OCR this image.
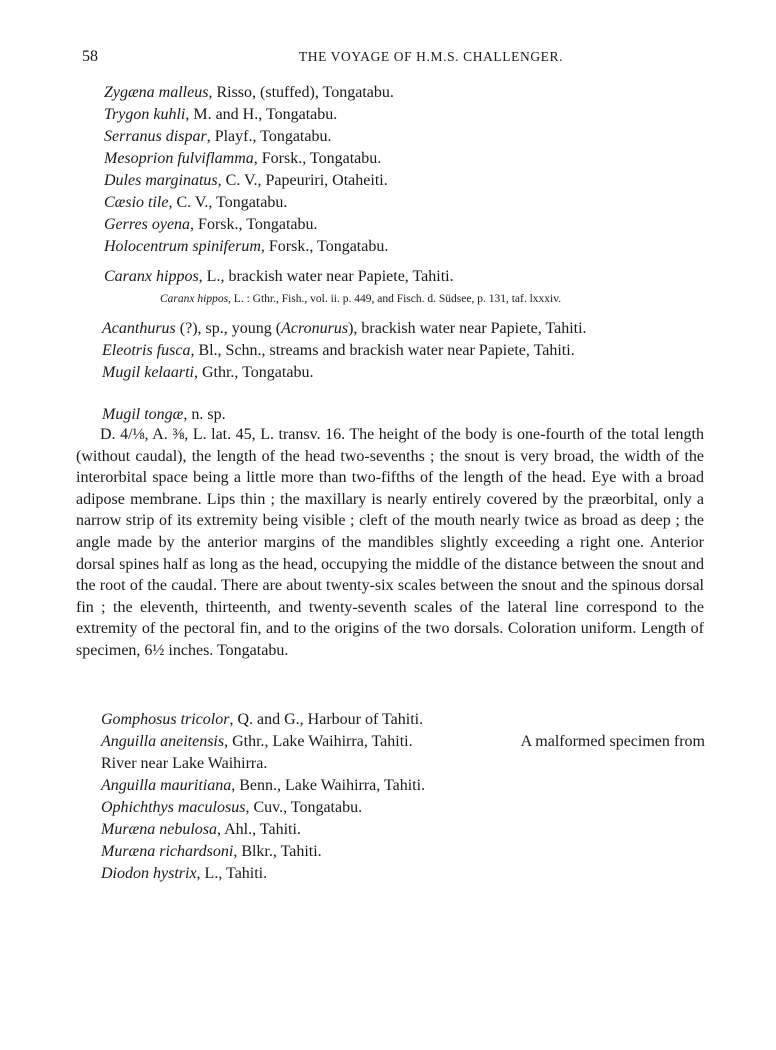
58	THE VOYAGE OF H.M.S. CHALLENGER.
Zygæna malleus, Risso, (stuffed), Tongatabu.
Trygon kuhli, M. and H., Tongatabu.
Serranus dispar, Playf., Tongatabu.
Mesoprion fulviflamma, Forsk., Tongatabu.
Dules marginatus, C. V., Papeuriri, Otaheiti.
Cæsio tile, C. V., Tongatabu.
Gerres oyena, Forsk., Tongatabu.
Holocentrum spiniferum, Forsk., Tongatabu.
Caranx hippos, L., brackish water near Papiete, Tahiti.
Caranx hippos, L. : Gthr., Fish., vol. ii. p. 449, and Fisch. d. Südsee, p. 131, taf. lxxxiv.
Acanthurus (?), sp., young (Acronurus), brackish water near Papiete, Tahiti.
Eleotris fusca, Bl., Schn., streams and brackish water near Papiete, Tahiti.
Mugil kelaarti, Gthr., Tongatabu.
Mugil tongæ, n. sp.

D. 4/⅛, A. ⅜, L. lat. 45, L. transv. 16. The height of the body is one-fourth of the total length (without caudal), the length of the head two-sevenths ; the snout is very broad, the width of the interorbital space being a little more than two-fifths of the length of the head. Eye with a broad adipose membrane. Lips thin ; the maxillary is nearly entirely covered by the præorbital, only a narrow strip of its extremity being visible ; cleft of the mouth nearly twice as broad as deep ; the angle made by the anterior margins of the mandibles slightly exceeding a right one. Anterior dorsal spines half as long as the head, occupying the middle of the distance between the snout and the root of the caudal. There are about twenty-six scales between the snout and the spinous dorsal fin ; the eleventh, thirteenth, and twenty-seventh scales of the lateral line correspond to the extremity of the pectoral fin, and to the origins of the two dorsals. Coloration uniform. Length of specimen, 6½ inches. Tongatabu.

Gomphosus tricolor, Q. and G., Harbour of Tahiti.
Anguilla aneitensis, Gthr., Lake Waihirra, Tahiti.	A malformed specimen from
River near Lake Waihirra.
Anguilla mauritiana, Benn., Lake Waihirra, Tahiti.
Ophichthys maculosus, Cuv., Tongatabu.
Muræna nebulosa, Ahl., Tahiti.
Muræna richardsoni, Blkr., Tahiti.
Diodon hystrix, L., Tahiti.
